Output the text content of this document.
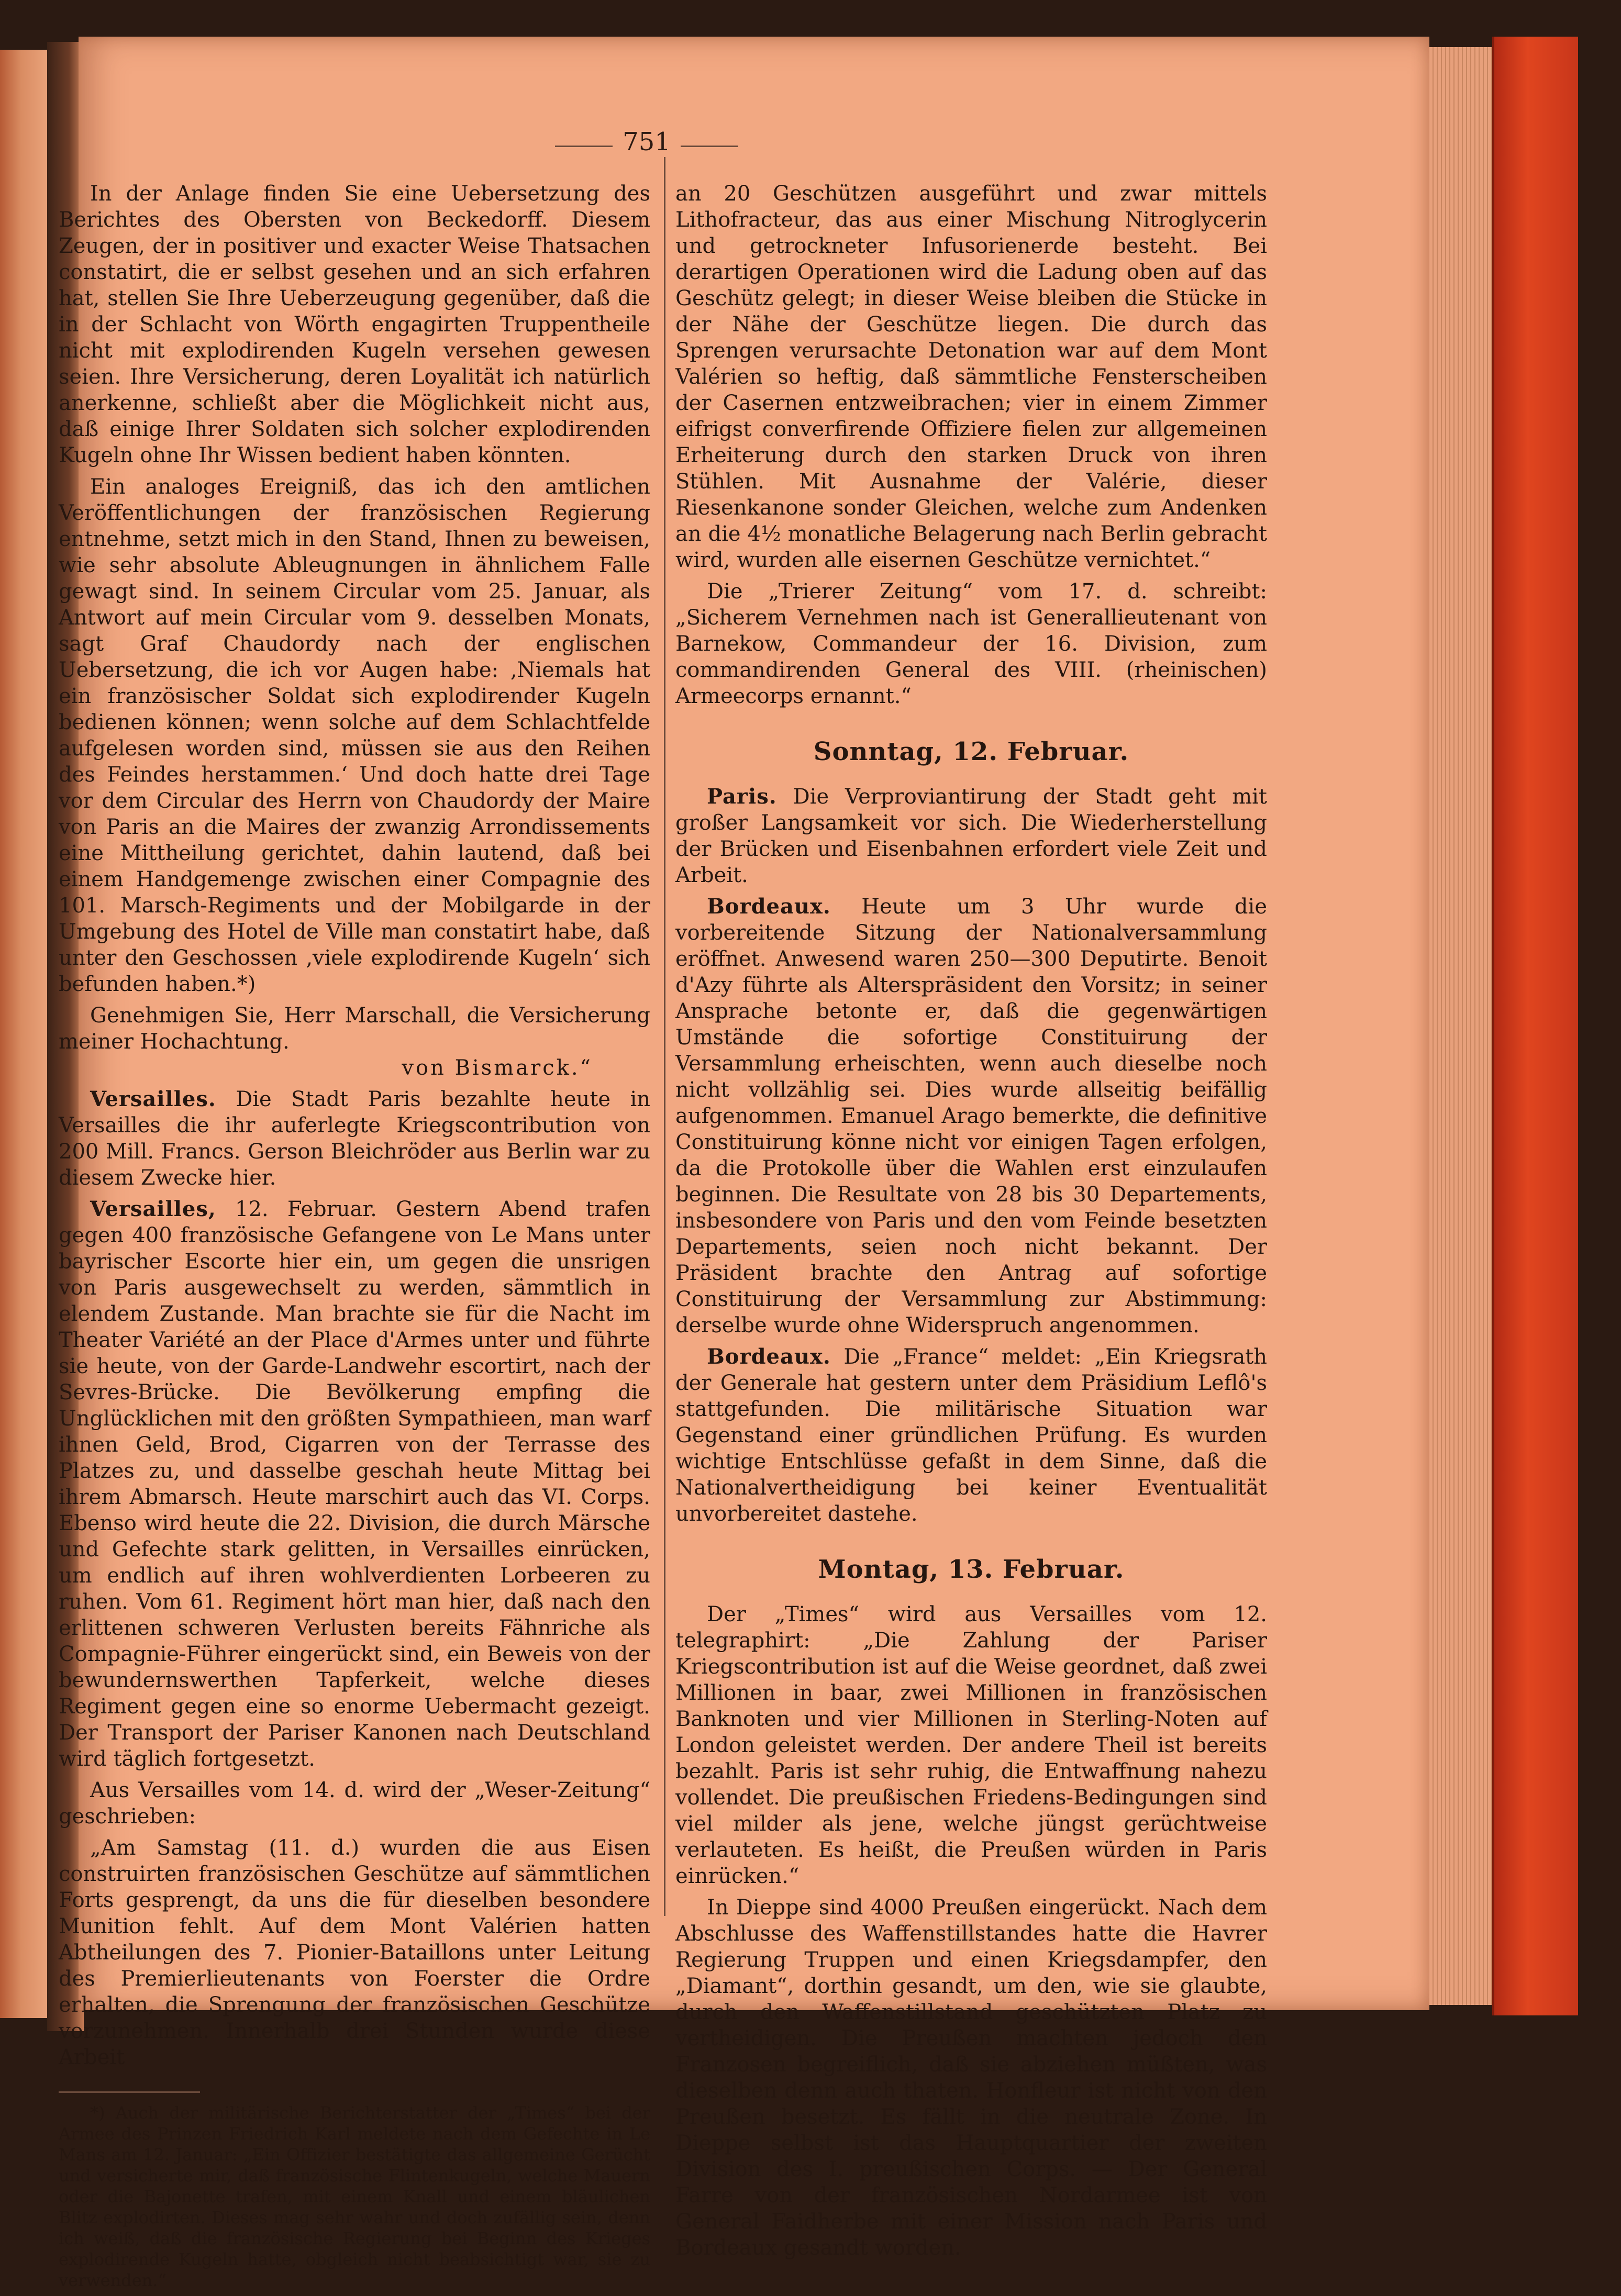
751

In der Anlage finden Sie eine Uebersetzung des Berichtes des Obersten von Beckedorff. Diesem Zeugen, der in positiver und exacter Weise Thatsachen constatirt, die er selbst gesehen und an sich erfahren hat, stellen Sie Ihre Ueberzeugung gegenüber, daß die in der Schlacht von Wörth engagirten Truppentheile nicht mit explodirenden Kugeln versehen gewesen seien. Ihre Versicherung, deren Loyalität ich natürlich anerkenne, schließt aber die Möglichkeit nicht aus, daß einige Ihrer Soldaten sich solcher explodirenden Kugeln ohne Ihr Wissen bedient haben könnten.

Ein analoges Ereigniß, das ich den amtlichen Veröffentlichungen der französischen Regierung entnehme, setzt mich in den Stand, Ihnen zu beweisen, wie sehr absolute Ableugnungen in ähnlichem Falle gewagt sind. In seinem Circular vom 25. Januar, als Antwort auf mein Circular vom 9. desselben Monats, sagt Graf Chaudordy nach der englischen Uebersetzung, die ich vor Augen habe: ‚Niemals hat ein französischer Soldat sich explodirender Kugeln bedienen können; wenn solche auf dem Schlachtfelde aufgelesen worden sind, müssen sie aus den Reihen des Feindes herstammen.‘ Und doch hatte drei Tage vor dem Circular des Herrn von Chaudordy der Maire von Paris an die Maires der zwanzig Arrondissements eine Mittheilung gerichtet, dahin lautend, daß bei einem Handgemenge zwischen einer Compagnie des 101. Marsch-Regiments und der Mobilgarde in der Umgebung des Hotel de Ville man constatirt habe, daß unter den Geschossen ‚viele explodirende Kugeln‘ sich befunden haben.*)

Genehmigen Sie, Herr Marschall, die Versicherung meiner Hochachtung.
von Bismarck.“

Versailles. Die Stadt Paris bezahlte heute in Versailles die ihr auferlegte Kriegscontribution von 200 Mill. Francs. Gerson Bleichröder aus Berlin war zu diesem Zwecke hier.

Versailles, 12. Februar. Gestern Abend trafen gegen 400 französische Gefangene von Le Mans unter bayrischer Escorte hier ein, um gegen die unsrigen von Paris ausgewechselt zu werden, sämmtlich in elendem Zustande. Man brachte sie für die Nacht im Theater Variété an der Place d'Armes unter und führte sie heute, von der Garde-Landwehr escortirt, nach der Sevres-Brücke. Die Bevölkerung empfing die Unglücklichen mit den größten Sympathieen, man warf ihnen Geld, Brod, Cigarren von der Terrasse des Platzes zu, und dasselbe geschah heute Mittag bei ihrem Abmarsch. Heute marschirt auch das VI. Corps. Ebenso wird heute die 22. Division, die durch Märsche und Gefechte stark gelitten, in Versailles einrücken, um endlich auf ihren wohlverdienten Lorbeeren zu ruhen. Vom 61. Regiment hört man hier, daß nach den erlittenen schweren Verlusten bereits Fähnriche als Compagnie-Führer eingerückt sind, ein Beweis von der bewundernswerthen Tapferkeit, welche dieses Regiment gegen eine so enorme Uebermacht gezeigt. Der Transport der Pariser Kanonen nach Deutschland wird täglich fortgesetzt.

Aus Versailles vom 14. d. wird der „Weser-Zeitung“ geschrieben:

„Am Samstag (11. d.) wurden die aus Eisen construirten französischen Geschütze auf sämmtlichen Forts gesprengt, da uns die für dieselben besondere Munition fehlt. Auf dem Mont Valérien hatten Abtheilungen des 7. Pionier-Bataillons unter Leitung des Premierlieutenants von Foerster die Ordre erhalten, die Sprengung der französischen Geschütze vorzunehmen. Innerhalb drei Stunden wurde diese Arbeit

*) Auch der militärische Berichterstatter der „Times“ bei der Armee des Prinzen Friedrich Karl meldete nach dem Gefechte in Le Mans am 12. Januar: „Ein Offizier bestätigte das allgemeine Gerücht und versicherte mir, daß französische Flintenkugeln, welche Mauern oder die Bajonette trafen, mit einem Knall und einem bläulichen Blitz explodirten. Dieses mag sehr wahr und doch zufällig sein, denn ich weiß, daß die französische Regierung bei Beginn des Krieges explodirende Kugeln hatte, obgleich nicht beabsichtigt war, sie zu verwenden.“

an 20 Geschützen ausgeführt und zwar mittels Lithofracteur, das aus einer Mischung Nitroglycerin und getrockneter Infusorienerde besteht. Bei derartigen Operationen wird die Ladung oben auf das Geschütz gelegt; in dieser Weise bleiben die Stücke in der Nähe der Geschütze liegen. Die durch das Sprengen verursachte Detonation war auf dem Mont Valérien so heftig, daß sämmtliche Fensterscheiben der Casernen entzweibrachen; vier in einem Zimmer eifrigst converfirende Offiziere fielen zur allgemeinen Erheiterung durch den starken Druck von ihren Stühlen. Mit Ausnahme der Valérie, dieser Riesenkanone sonder Gleichen, welche zum Andenken an die 4½ monatliche Belagerung nach Berlin gebracht wird, wurden alle eisernen Geschütze vernichtet.“

Die „Trierer Zeitung“ vom 17. d. schreibt: „Sicherem Vernehmen nach ist Generallieutenant von Barnekow, Commandeur der 16. Division, zum commandirenden General des VIII. (rheinischen) Armeecorps ernannt.“

Sonntag, 12. Februar.

Paris. Die Verproviantirung der Stadt geht mit großer Langsamkeit vor sich. Die Wiederherstellung der Brücken und Eisenbahnen erfordert viele Zeit und Arbeit.

Bordeaux. Heute um 3 Uhr wurde die vorbereitende Sitzung der Nationalversammlung eröffnet. Anwesend waren 250—300 Deputirte. Benoit d'Azy führte als Alterspräsident den Vorsitz; in seiner Ansprache betonte er, daß die gegenwärtigen Umstände die sofortige Constituirung der Versammlung erheischten, wenn auch dieselbe noch nicht vollzählig sei. Dies wurde allseitig beifällig aufgenommen. Emanuel Arago bemerkte, die definitive Constituirung könne nicht vor einigen Tagen erfolgen, da die Protokolle über die Wahlen erst einzulaufen beginnen. Die Resultate von 28 bis 30 Departements, insbesondere von Paris und den vom Feinde besetzten Departements, seien noch nicht bekannt. Der Präsident brachte den Antrag auf sofortige Constituirung der Versammlung zur Abstimmung: derselbe wurde ohne Widerspruch angenommen.

Bordeaux. Die „France“ meldet: „Ein Kriegsrath der Generale hat gestern unter dem Präsidium Leflô's stattgefunden. Die militärische Situation war Gegenstand einer gründlichen Prüfung. Es wurden wichtige Entschlüsse gefaßt in dem Sinne, daß die Nationalvertheidigung bei keiner Eventualität unvorbereitet dastehe.

Montag, 13. Februar.

Der „Times“ wird aus Versailles vom 12. telegraphirt: „Die Zahlung der Pariser Kriegscontribution ist auf die Weise geordnet, daß zwei Millionen in baar, zwei Millionen in französischen Banknoten und vier Millionen in Sterling-Noten auf London geleistet werden. Der andere Theil ist bereits bezahlt. Paris ist sehr ruhig, die Entwaffnung nahezu vollendet. Die preußischen Friedens-Bedingungen sind viel milder als jene, welche jüngst gerüchtweise verlauteten. Es heißt, die Preußen würden in Paris einrücken.“

In Dieppe sind 4000 Preußen eingerückt. Nach dem Abschlusse des Waffenstillstandes hatte die Havrer Regierung Truppen und einen Kriegsdampfer, den „Diamant“, dorthin gesandt, um den, wie sie glaubte, durch den Waffenstillstand geschützten Platz zu vertheidigen. Die Preußen machten jedoch den Franzosen begreiflich, daß sie abziehen müßten, was dieselben denn auch thaten. Honfleur ist nicht von den Preußen besetzt. Es fällt in die neutrale Zone. In Dieppe selbst ist das Hauptquartier der zweiten Division des I. preußischen Corps. — Der General Farre von der französischen Nordarmee ist von General Faidherbe mit einer Mission nach Paris und Bordeaux gesandt worden.
